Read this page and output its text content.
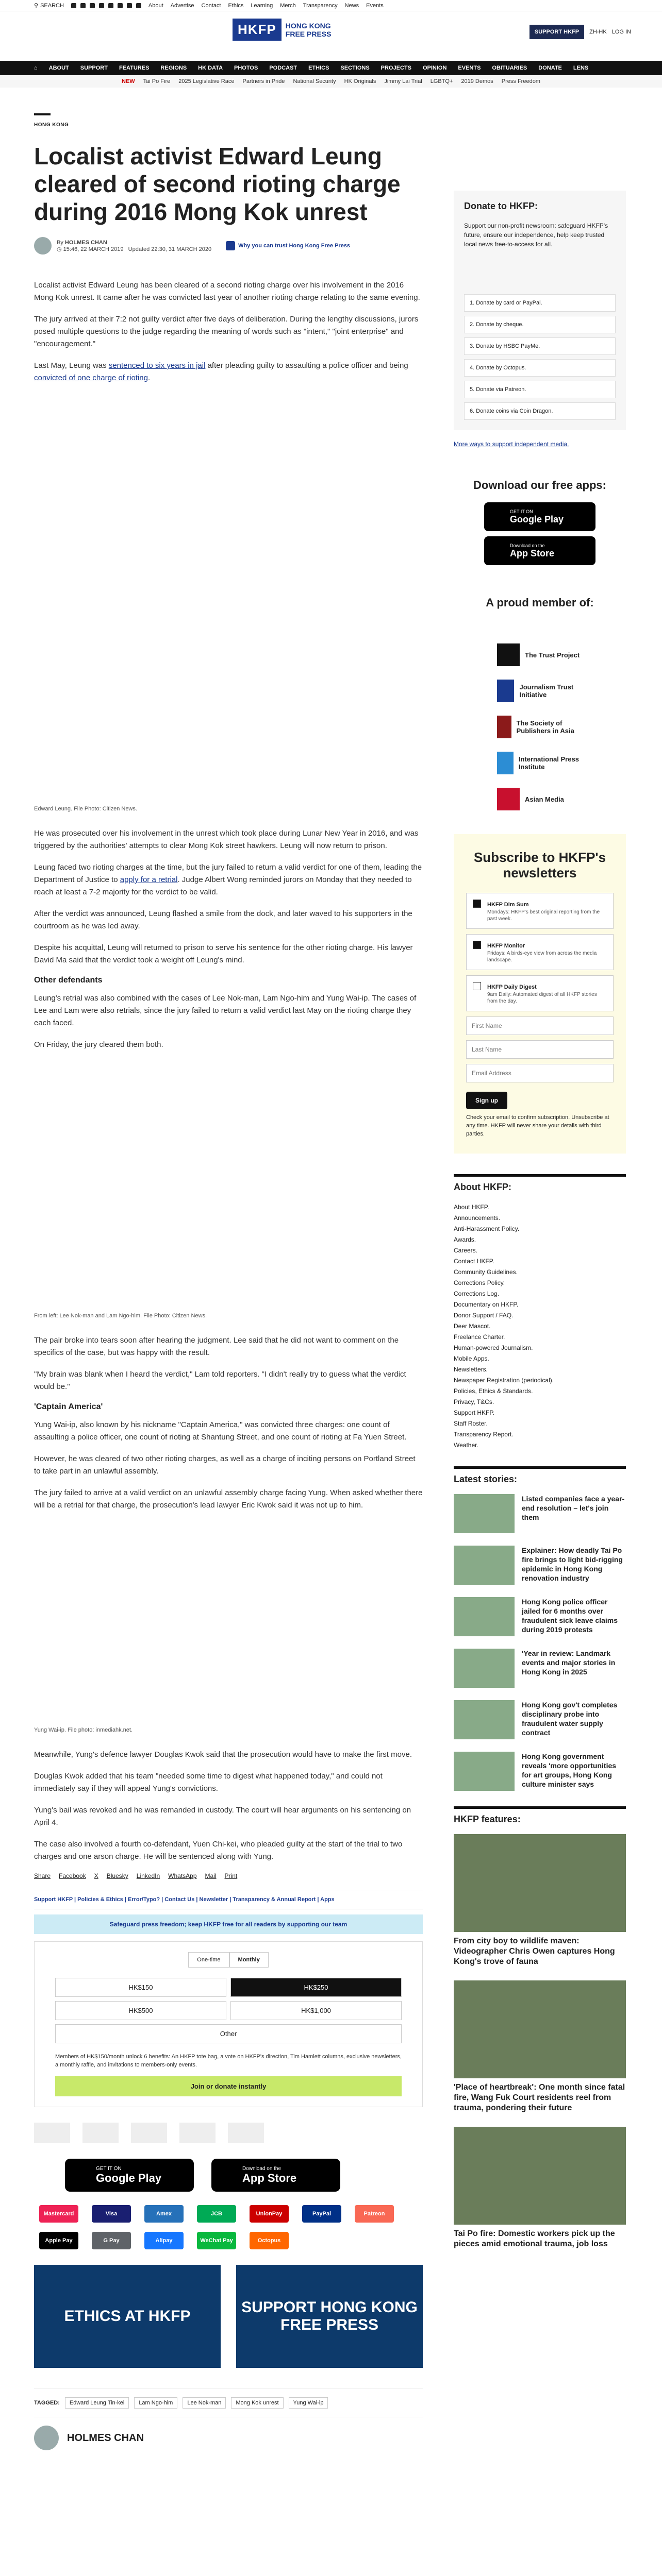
⚲ SEARCH	About Advertise Contact Ethics Learning Merch Transparency News Events
HKFP	HONG KONG
FREE PRESS	SUPPORT HKFP	ZH-HK LOG IN
⌂ ABOUT SUPPORT FEATURES REGIONS HK DATA PHOTOS PODCAST ETHICS SECTIONS PROJECTS OPINION EVENTS OBITUARIES DONATE LENS
NEW Tai Po Fire 2025 Legislative Race Partners in Pride National Security HK Originals Jimmy Lai Trial LGBTQ+ 2019 Demos Press Freedom
HONG KONG
Localist activist Edward Leung cleared of second rioting charge during 2016 Mong Kok unrest
By HOLMES CHAN
◷ 15:46, 22 MARCH 2019 Updated 22:30, 31 MARCH 2020
Why you can trust Hong Kong Free Press

Localist activist Edward Leung has been cleared of a second rioting charge over his involvement in the 2016 Mong Kok unrest. It came after he was convicted last year of another rioting charge relating to the same evening.

The jury arrived at their 7:2 not guilty verdict after five days of deliberation. During the lengthy discussions, jurors posed multiple questions to the judge regarding the meaning of words such as "intent," "joint enterprise" and "encouragement."

Last May, Leung was sentenced to six years in jail after pleading guilty to assaulting a police officer and being convicted of one charge of rioting.

Edward Leung. File Photo: Citizen News.

He was prosecuted over his involvement in the unrest which took place during Lunar New Year in 2016, and was triggered by the authorities' attempts to clear Mong Kok street hawkers. Leung will now return to prison.

Leung faced two rioting charges at the time, but the jury failed to return a valid verdict for one of them, leading the Department of Justice to apply for a retrial. Judge Albert Wong reminded jurors on Monday that they needed to reach at least a 7-2 majority for the verdict to be valid.

After the verdict was announced, Leung flashed a smile from the dock, and later waved to his supporters in the courtroom as he was led away.

Despite his acquittal, Leung will returned to prison to serve his sentence for the other rioting charge. His lawyer David Ma said that the verdict took a weight off Leung's mind.

Other defendants

Leung's retrial was also combined with the cases of Lee Nok-man, Lam Ngo-him and Yung Wai-ip. The cases of Lee and Lam were also retrials, since the jury failed to return a valid verdict last May on the rioting charge they each faced.

On Friday, the jury cleared them both.

From left: Lee Nok-man and Lam Ngo-him. File Photo: Citizen News.

The pair broke into tears soon after hearing the judgment. Lee said that he did not want to comment on the specifics of the case, but was happy with the result.

"My brain was blank when I heard the verdict," Lam told reporters. "I didn't really try to guess what the verdict would be."

'Captain America'

Yung Wai-ip, also known by his nickname "Captain America," was convicted three charges: one count of assaulting a police officer, one count of rioting at Shantung Street, and one count of rioting at Fa Yuen Street.

However, he was cleared of two other rioting charges, as well as a charge of inciting persons on Portland Street to take part in an unlawful assembly.

The jury failed to arrive at a valid verdict on an unlawful assembly charge facing Yung. When asked whether there will be a retrial for that charge, the prosecution's lead lawyer Eric Kwok said it was not up to him.

Yung Wai-ip. File photo: inmediahk.net.

Meanwhile, Yung's defence lawyer Douglas Kwok said that the prosecution would have to make the first move.

Douglas Kwok added that his team "needed some time to digest what happened today," and could not immediately say if they will appeal Yung's convictions.

Yung's bail was revoked and he was remanded in custody. The court will hear arguments on his sentencing on April 4.

The case also involved a fourth co-defendant, Yuen Chi-kei, who pleaded guilty at the start of the trial to two charges and one arson charge. He will be sentenced along with Yung.

Share Facebook X Bluesky LinkedIn WhatsApp Mail Print
Support HKFP | Policies & Ethics | Error/Typo? | Contact Us | Newsletter | Transparency & Annual Report | Apps
Safeguard press freedom; keep HKFP free for all readers by supporting our team
One-time	Monthly
HK$150	HK$250
HK$500	HK$1,000
Other
Members of HK$150/month unlock 6 benefits: An HKFP tote bag, a vote on HKFP's direction, Tim Hamlett columns, exclusive newsletters, a monthly raffle, and invitations to members-only events.
Join or donate instantly
GET IT ON
Google Play
Download on the
App Store
Mastercard	Visa	Amex	JCB	UnionPay	PayPal	Patreon
Apple Pay	G Pay	Alipay	WeChat Pay	Octopus
ETHICS AT HKFP
SUPPORT HONG KONG FREE PRESS
TAGGED:	Edward Leung Tin-kei	Lam Ngo-him	Lee Nok-man	Mong Kok unrest	Yung Wai-ip
HOLMES CHAN
Donate to HKFP:

Support our non-profit newsroom: safeguard HKFP's future, ensure our independence, help keep trusted local news free-to-access for all.

1. Donate by card or PayPal.
2. Donate by cheque.
3. Donate by HSBC PayMe.
4. Donate by Octopus.
5. Donate via Patreon.
6. Donate coins via Coin Dragon.
More ways to support independent media.
Download our free apps:
GET IT ON
Google Play
Download on the
App Store
A proud member of:
The Trust Project
Journalism Trust Initiative
The Society of Publishers in Asia
International Press Institute
Asian Media
Subscribe to HKFP's newsletters
HKFP Dim Sum

Mondays: HKFP's best original reporting from the past week.

HKFP Monitor

Fridays: A birds-eye view from across the media landscape.

HKFP Daily Digest

9am Daily: Automated digest of all HKFP stories from the day.

First Name
Last Name
Email Address
Sign up
Check your email to confirm subscription. Unsubscribe at any time. HKFP will never share your details with third parties.
About HKFP:
About HKFP.
Announcements.
Anti-Harassment Policy.
Awards.
Careers.
Contact HKFP.
Community Guidelines.
Corrections Policy.
Corrections Log.
Documentary on HKFP.
Donor Support / FAQ.
Deer Mascot.
Freelance Charter.
Human-powered Journalism.
Mobile Apps.
Newsletters.
Newspaper Registration (periodical).
Policies, Ethics & Standards.
Privacy, T&Cs.
Support HKFP.
Staff Roster.
Transparency Report.
Weather.
Latest stories:
Listed companies face a year-end resolution – let's join them
Explainer: How deadly Tai Po fire brings to light bid-rigging epidemic in Hong Kong renovation industry
Hong Kong police officer jailed for 6 months over fraudulent sick leave claims during 2019 protests
'Year in review: Landmark events and major stories in Hong Kong in 2025
Hong Kong gov't completes disciplinary probe into fraudulent water supply contract
Hong Kong government reveals 'more opportunities for art groups, Hong Kong culture minister says
HKFP features:
From city boy to wildlife maven: Videographer Chris Owen captures Hong Kong's trove of fauna
'Place of heartbreak': One month since fatal fire, Wang Fuk Court residents reel from trauma, pondering their future
Tai Po fire: Domestic workers pick up the pieces amid emotional trauma, job loss
